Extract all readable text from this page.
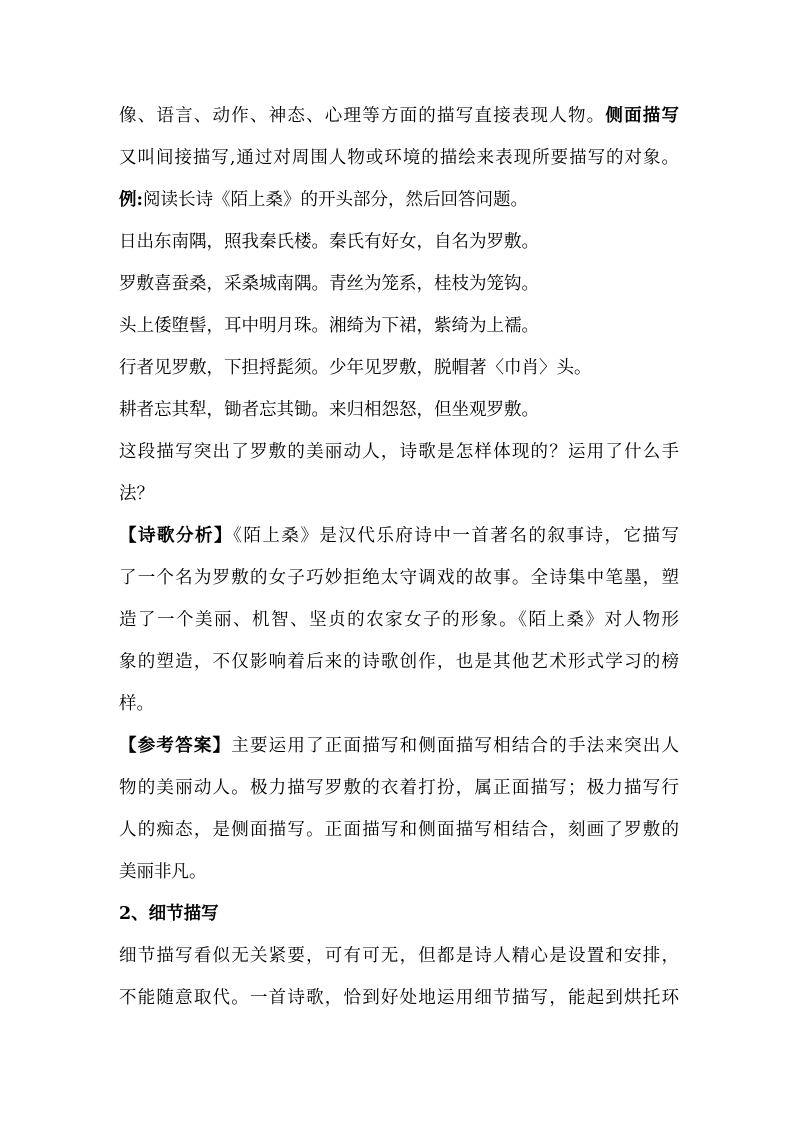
像、语言、动作、神态、心理等方面的描写直接表现人物。侧面描写
又叫间接描写,通过对周围人物或环境的描绘来表现所要描写的对象。
例:阅读长诗《陌上桑》的开头部分，然后回答问题。
日出东南隅，照我秦氏楼。秦氏有好女，自名为罗敷。
罗敷喜蚕桑，采桑城南隅。青丝为笼系，桂枝为笼钩。
头上倭堕髻，耳中明月珠。湘绮为下裙，紫绮为上襦。
行者见罗敷，下担捋髭须。少年见罗敷，脱帽著〈巾肖〉头。
耕者忘其犁，锄者忘其锄。来归相怨怒，但坐观罗敷。
这段描写突出了罗敷的美丽动人，诗歌是怎样体现的？运用了什么手
法？
【诗歌分析】《陌上桑》是汉代乐府诗中一首著名的叙事诗，它描写
了一个名为罗敷的女子巧妙拒绝太守调戏的故事。全诗集中笔墨，塑
造了一个美丽、机智、坚贞的农家女子的形象。《陌上桑》对人物形
象的塑造，不仅影响着后来的诗歌创作，也是其他艺术形式学习的榜
样。
【参考答案】主要运用了正面描写和侧面描写相结合的手法来突出人
物的美丽动人。极力描写罗敷的衣着打扮，属正面描写；极力描写行
人的痴态，是侧面描写。正面描写和侧面描写相结合，刻画了罗敷的
美丽非凡。
2、细节描写
细节描写看似无关紧要，可有可无，但都是诗人精心是设置和安排，
不能随意取代。一首诗歌，恰到好处地运用细节描写，能起到烘托环
